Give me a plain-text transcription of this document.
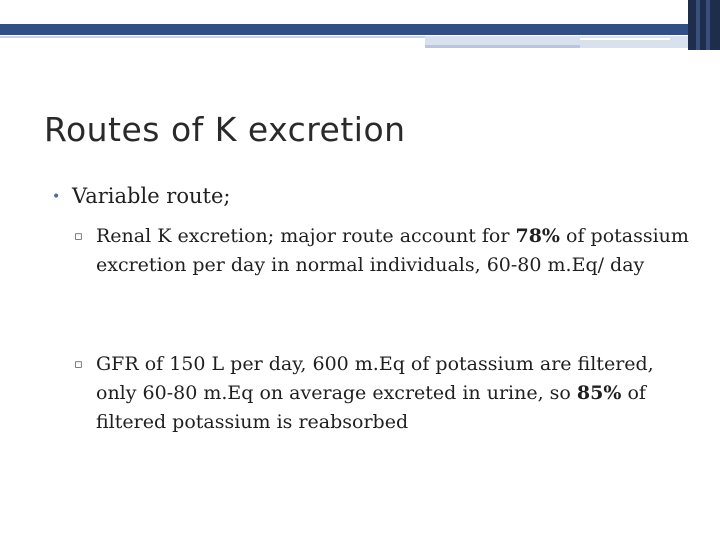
Routes of K excretion
• Variable route;
▫ Renal K excretion; major route account for 78% of potassium excretion per day in normal individuals, 60-80 m.Eq/ day
▫ GFR of 150 L per day, 600 m.Eq of potassium are filtered, only 60-80 m.Eq on average excreted in urine, so 85% of filtered potassium is reabsorbed
